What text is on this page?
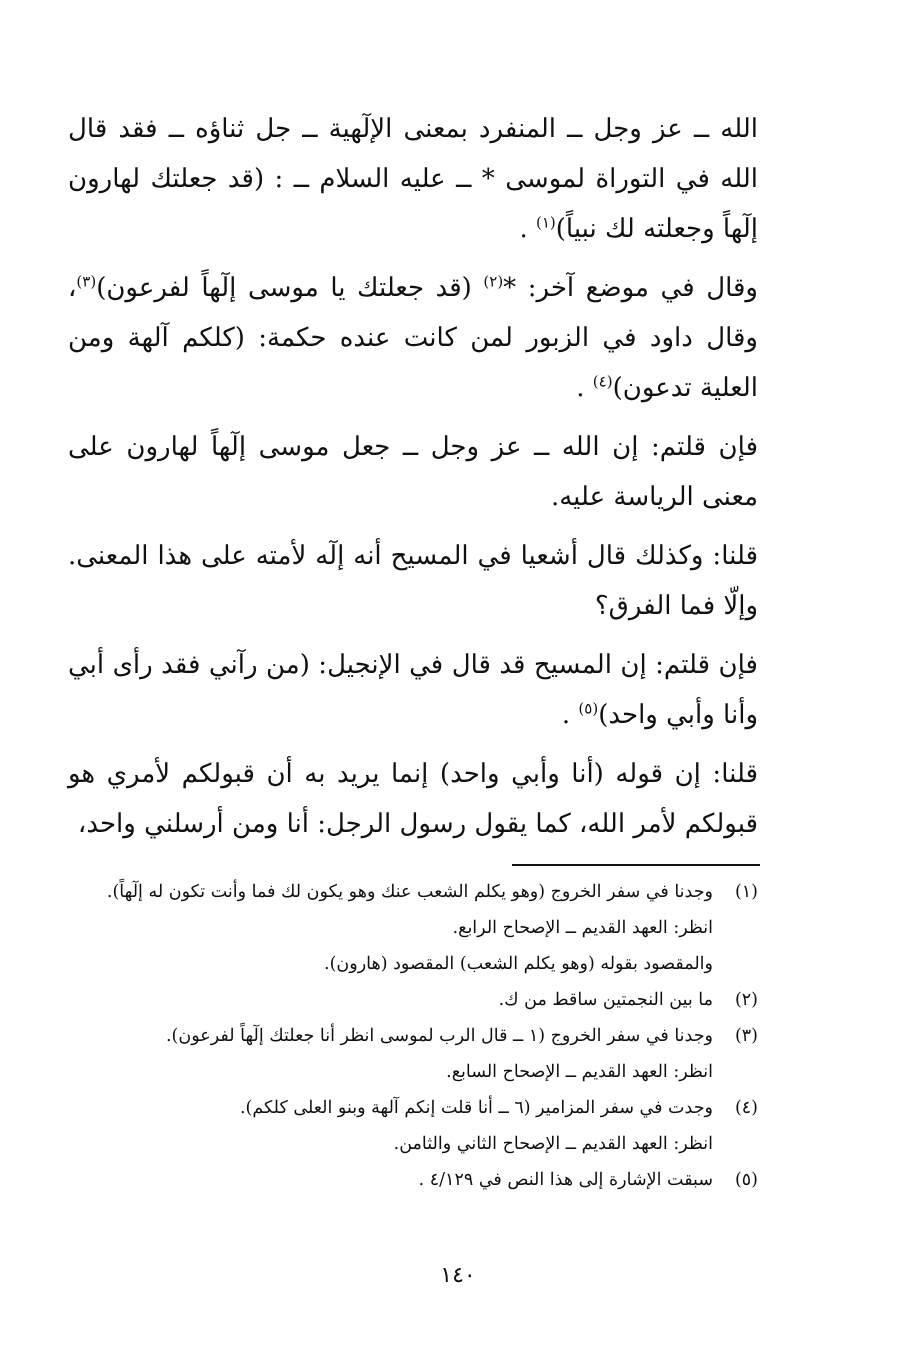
الله ــ عز وجل ــ المنفرد بمعنى الإلٓهية ــ جل ثناؤه ــ فقد قال الله في التوراة لموسى * ــ عليه السلام ــ : (قد جعلتك لهارون إلٓهاً وجعلته لك نبياً)$^{(١)}$ .

وقال في موضع آخر: *$^{(٢)}$ (قد جعلتك يا موسى إلٓهاً لفرعون)$^{(٣)}$، وقال داود في الزبور لمن كانت عنده حكمة: (كلكم آلهة ومن العلية تدعون)$^{(٤)}$ .

فإن قلتم: إن الله ــ عز وجل ــ جعل موسى إلٓهاً لهارون على معنى الرياسة عليه.

قلنا: وكذلك قال أشعيا في المسيح أنه إلٓه لأمته على هذا المعنى. وإلّا فما الفرق؟

فإن قلتم: إن المسيح قد قال في الإنجيل: (من رآني فقد رأى أبي وأنا وأبي واحد)$^{(٥)}$ .

قلنا: إن قوله (أنا وأبي واحد) إنما يريد به أن قبولكم لأمري هو قبولكم لأمر الله، كما يقول رسول الرجل: أنا ومن أرسلني واحد،

(١)
وجدنا في سفر الخروج (وهو يكلم الشعب عنك وهو يكون لك فما وأنت تكون له إلٓهاً).
انظر: العهد القديم ــ الإصحاح الرابع.
والمقصود بقوله (وهو يكلم الشعب) المقصود (هارون).
(٢)
ما بين النجمتين ساقط من ك.
(٣)
وجدنا في سفر الخروج (١ ــ قال الرب لموسى انظر أنا جعلتك إلٓهاً لفرعون).
انظر: العهد القديم ــ الإصحاح السابع.
(٤)
وجدت في سفر المزامير (٦ ــ أنا قلت إنكم آلهة وبنو العلى كلكم).
انظر: العهد القديم ــ الإصحاح الثاني والثامن.
(٥)
سبقت الإشارة إلى هذا النص في ٤/١٢٩ .
١٤٠
